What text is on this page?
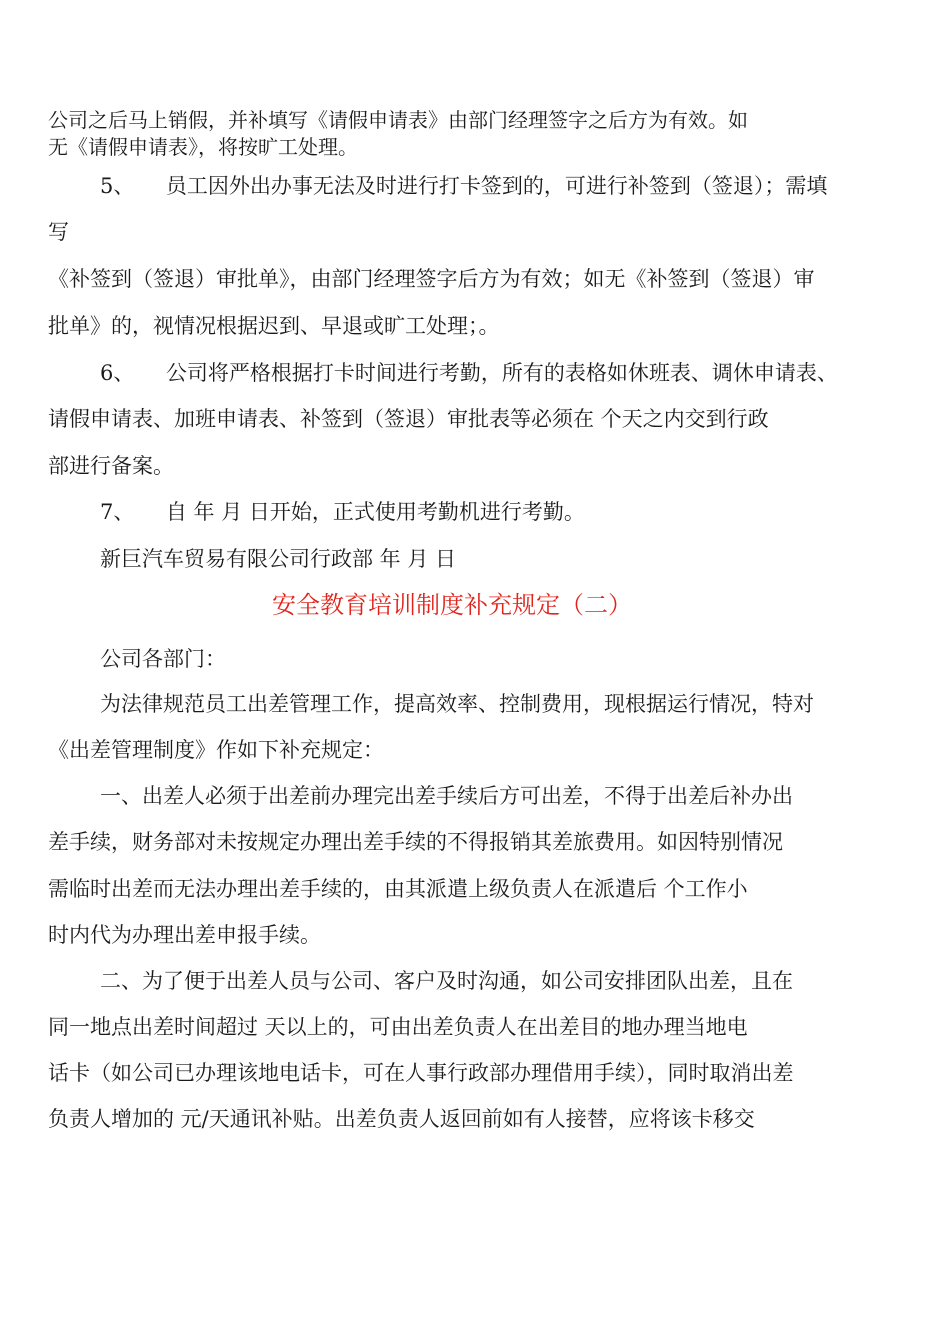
公司之后马上销假，并补填写《请假申请表》由部门经理签字之后方为有效。如
无《请假申请表》，将按旷工处理。
5、　　员工因外出办事无法及时进行打卡签到的，可进行补签到（签退）；需填
写
《补签到（签退）审批单》，由部门经理签字后方为有效；如无《补签到（签退）审
批单》的，视情况根据迟到、早退或旷工处理；。
6、　　公司将严格根据打卡时间进行考勤，所有的表格如休班表、调休申请表、
请假申请表、加班申请表、补签到（签退）审批表等必须在 个天之内交到行政
部进行备案。
7、　　自 年 月 日开始，正式使用考勤机进行考勤。
新巨汽车贸易有限公司行政部 年 月 日
安全教育培训制度补充规定（二）
公司各部门：
为法律规范员工出差管理工作，提高效率、控制费用，现根据运行情况，特对
《出差管理制度》作如下补充规定：
一、出差人必须于出差前办理完出差手续后方可出差，不得于出差后补办出
差手续，财务部对未按规定办理出差手续的不得报销其差旅费用。如因特别情况
需临时出差而无法办理出差手续的，由其派遣上级负责人在派遣后 个工作小
时内代为办理出差申报手续。
二、为了便于出差人员与公司、客户及时沟通，如公司安排团队出差，且在
同一地点出差时间超过 天以上的，可由出差负责人在出差目的地办理当地电
话卡（如公司已办理该地电话卡，可在人事行政部办理借用手续），同时取消出差
负责人增加的 元/天通讯补贴。出差负责人返回前如有人接替，应将该卡移交
